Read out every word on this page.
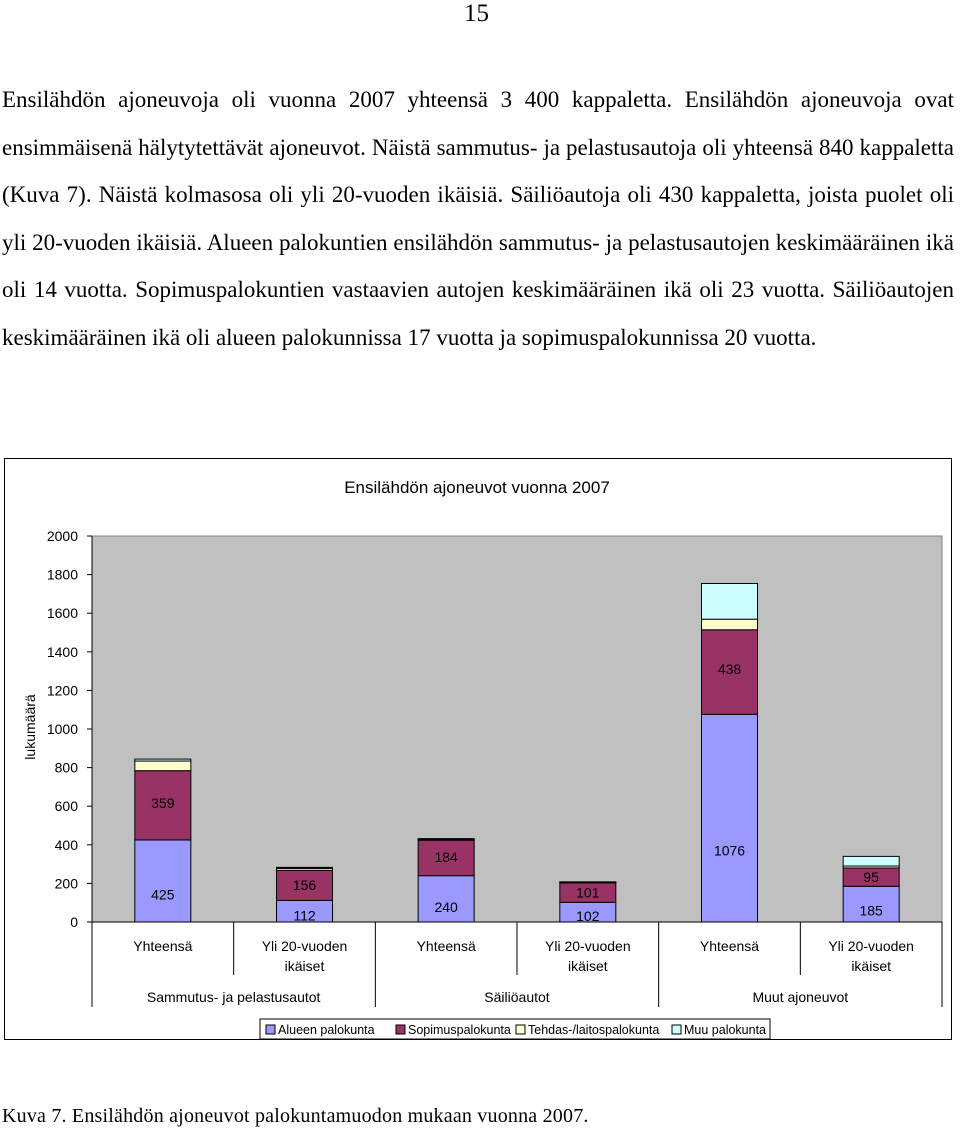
15

Ensilähdön ajoneuvoja oli vuonna 2007 yhteensä 3 400 kappaletta. Ensilähdön ajoneuvoja ovat ensimmäisenä hälytytettävät ajoneuvot. Näistä sammutus- ja pelastusautoja oli yhteensä 840 kappaletta (Kuva 7). Näistä kolmasosa oli yli 20-vuoden ikäisiä. Säiliöautoja oli 430 kappaletta, joista puolet oli yli 20-vuoden ikäisiä. Alueen palokuntien ensilähdön sammutus- ja pelastusautojen keskimääräinen ikä oli 14 vuotta. Sopimuspalokuntien vastaavien autojen keskimääräinen ikä oli 23 vuotta. Säiliöautojen keskimääräinen ikä oli alueen palokunnissa 17 vuotta ja sopimuspalokunnissa 20 vuotta.

Ensilähdön ajoneuvot vuonna 2007
lukumäärä
0
200
400
600
800
1000
1200
1400
1600
1800
2000
425
359
112
156
240
184
102
101
1076
438
185
95
Yhteensä	Yli 20-vuoden ikäiset
Yhteensä	Yli 20-vuoden ikäiset
Yhteensä	Yli 20-vuoden ikäiset
Sammutus- ja pelastusautot	Säiliöautot	Muut ajoneuvot
Alueen palokunta	Sopimuspalokunta Tehdas-/laitospalokunta Muu palokunta
Kuva 7. Ensilähdön ajoneuvot palokuntamuodon mukaan vuonna 2007.
